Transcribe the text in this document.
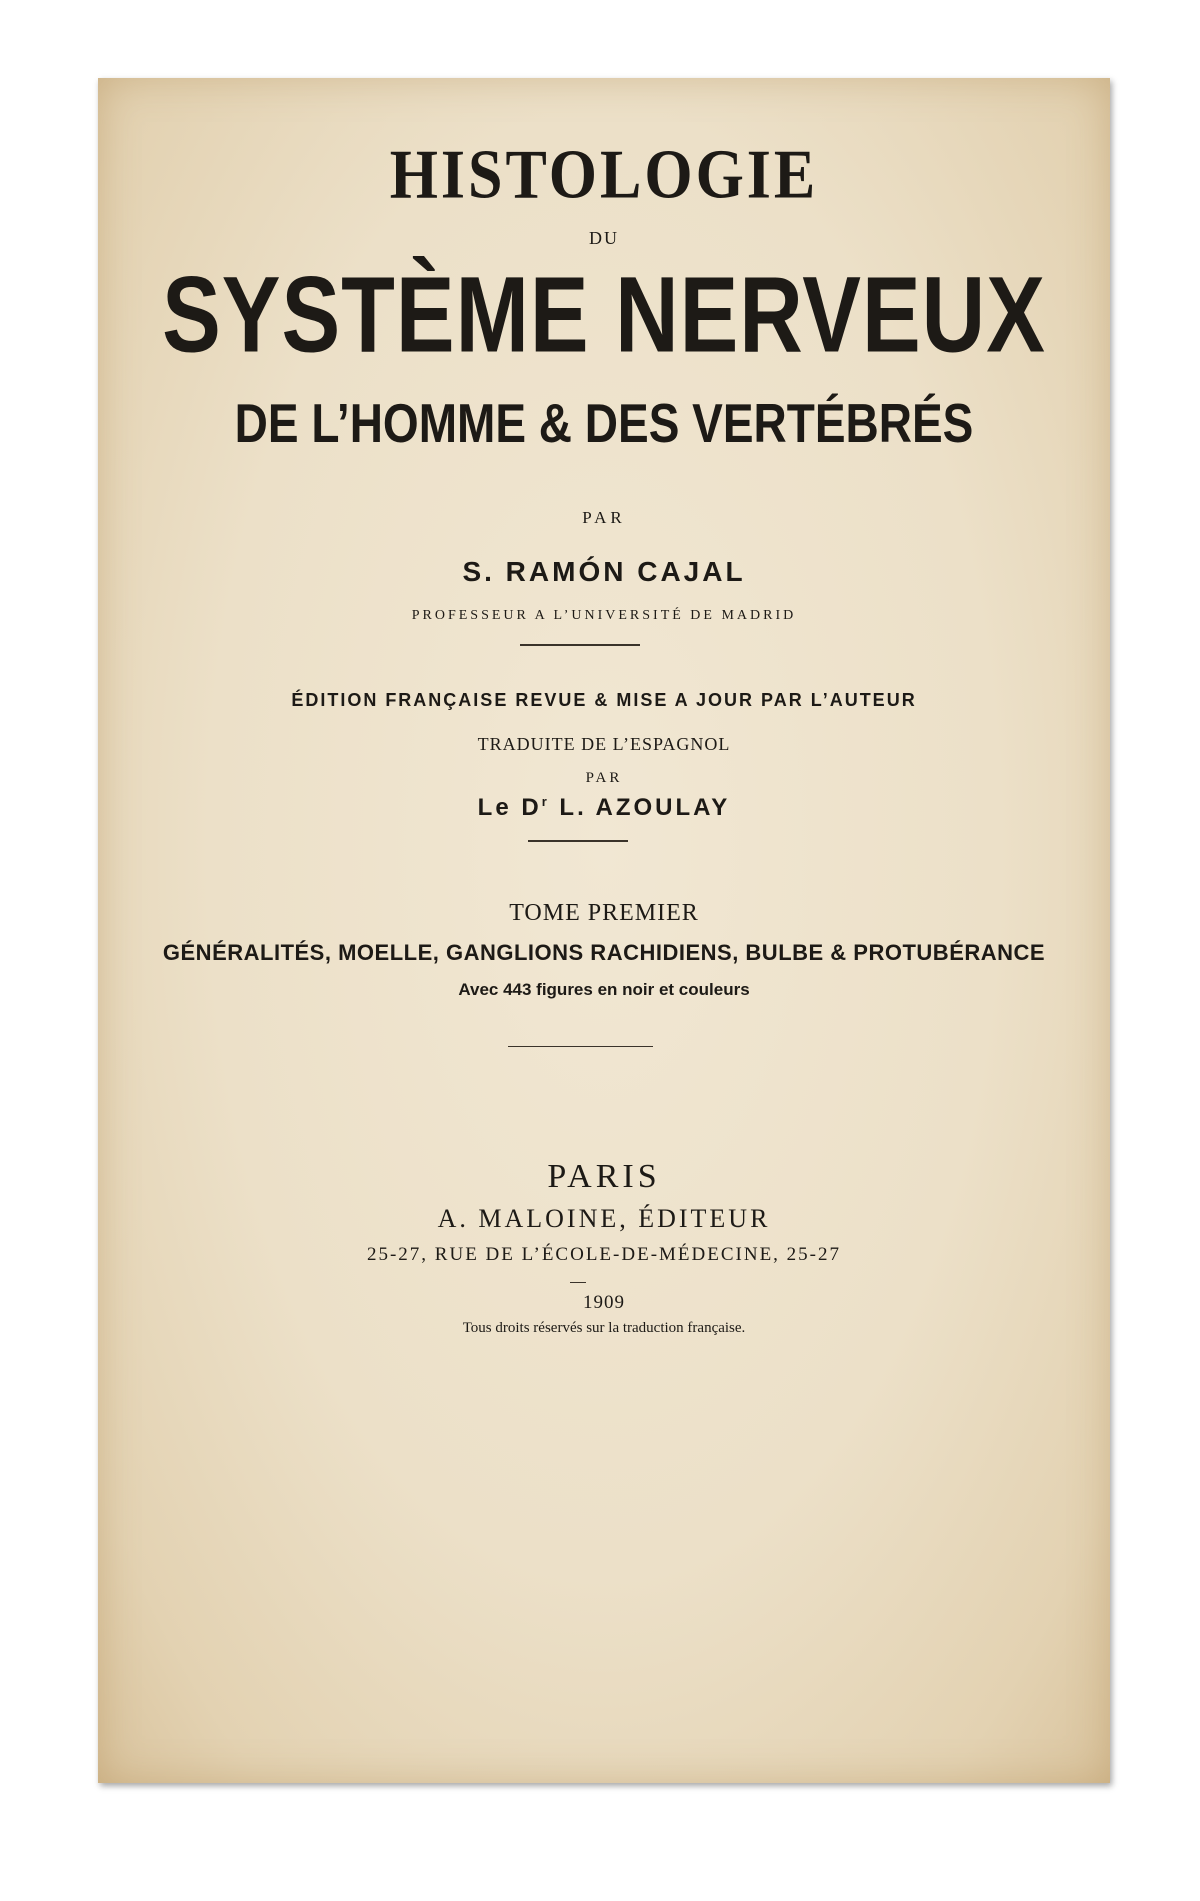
HISTOLOGIE
DU
SYSTÈME NERVEUX
DE L’HOMME & DES VERTÉBRÉS
PAR
S. RAMÓN CAJAL
PROFESSEUR A L’UNIVERSITÉ DE MADRID
ÉDITION FRANÇAISE REVUE & MISE A JOUR PAR L’AUTEUR
TRADUITE DE L’ESPAGNOL
PAR
Le $D^r$ L. AZOULAY
TOME PREMIER
GÉNÉRALITÉS, MOELLE, GANGLIONS RACHIDIENS, BULBE & PROTUBÉRANCE
Avec 443 figures en noir et couleurs
PARIS
A. MALOINE, ÉDITEUR
25-27, RUE DE L’ÉCOLE-DE-MÉDECINE, 25-27
1909
Tous droits réservés sur la traduction française.
